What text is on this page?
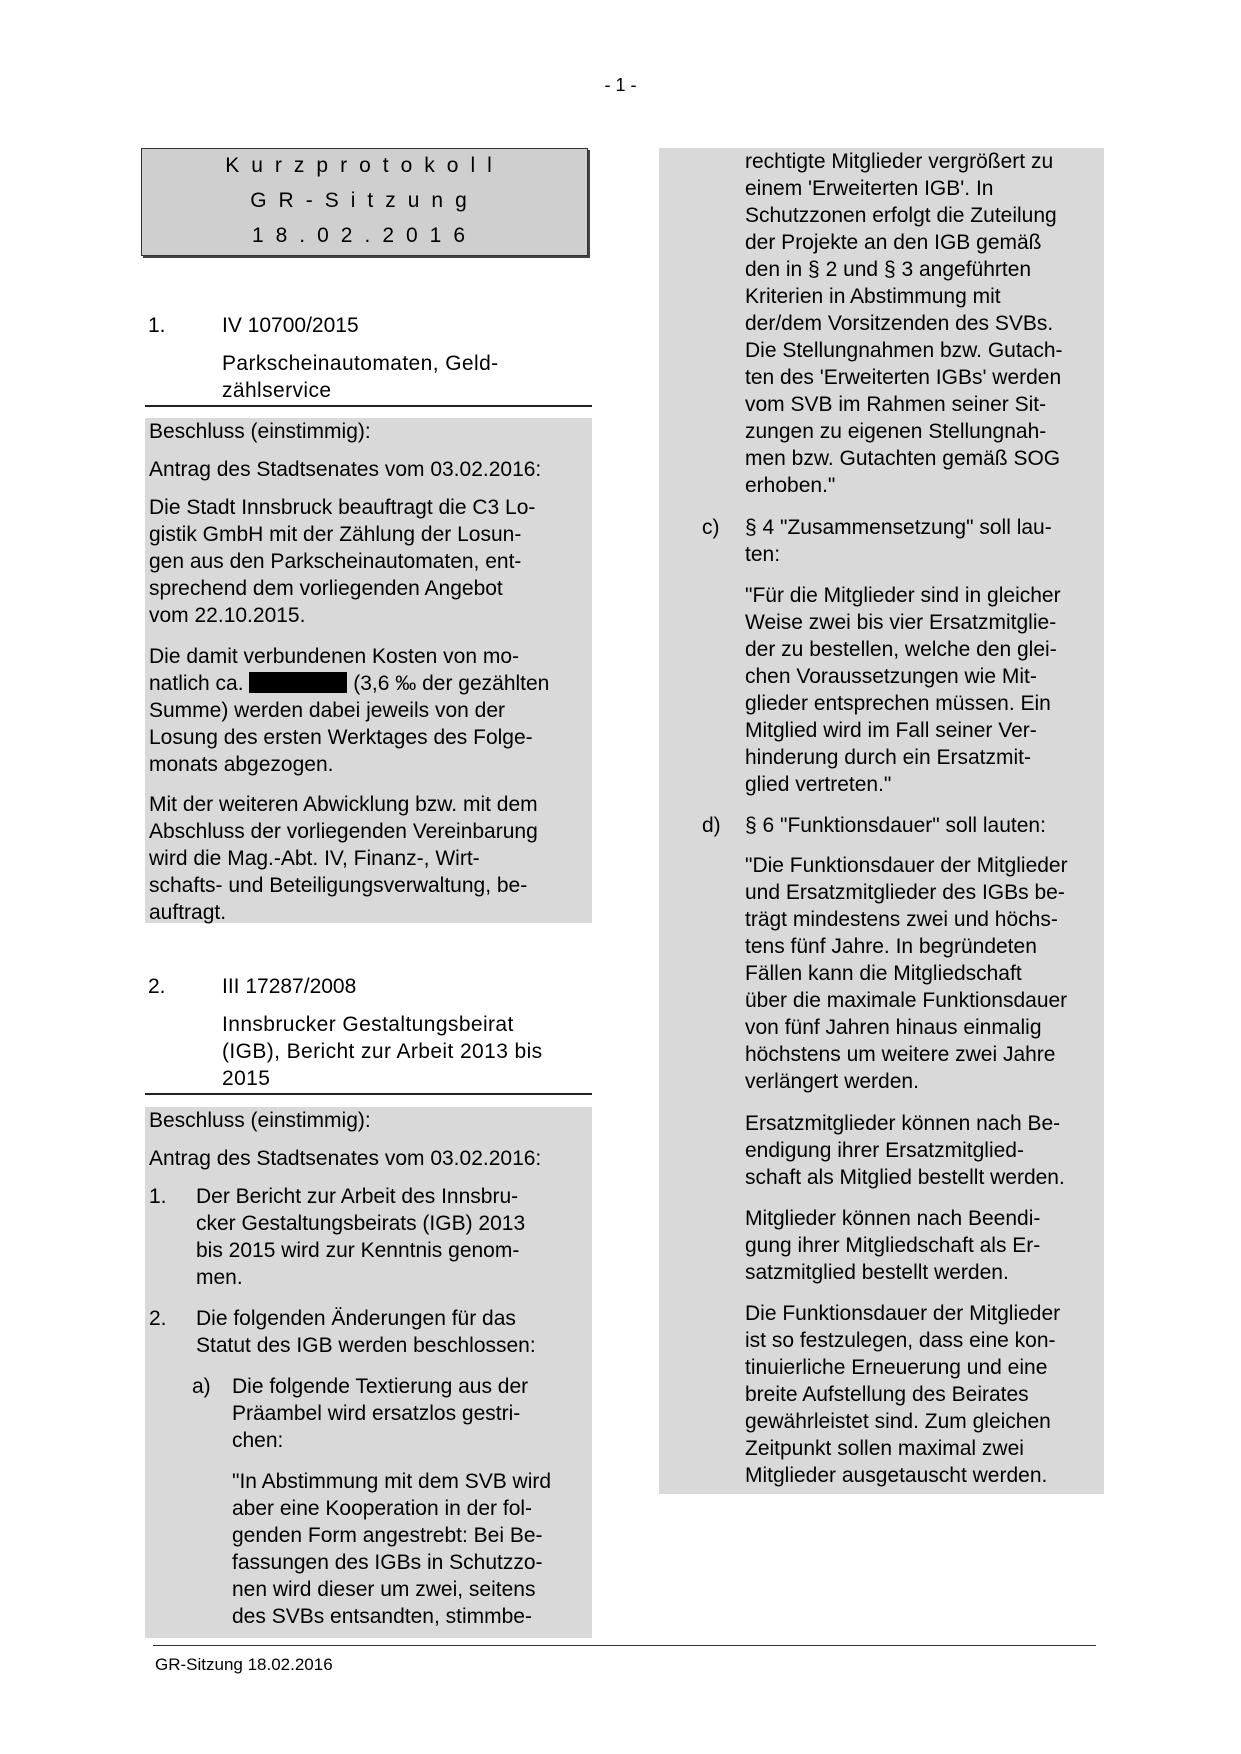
- 1 -
Kurzprotokoll
GR-Sitzung
18.02.2016
1.	IV 10700/2015
Parkscheinautomaten, Geld-
zählservice

Beschluss (einstimmig):

Antrag des Stadtsenates vom 03.02.2016:

Die Stadt Innsbruck beauftragt die C3 Lo-
gistik GmbH mit der Zählung der Losun-
gen aus den Parkscheinautomaten, ent-
sprechend dem vorliegenden Angebot
vom 22.10.2015.
Die damit verbundenen Kosten von mo-
natlich ca.	(3,6 ‰ der gezählten
Summe) werden dabei jeweils von der
Losung des ersten Werktages des Folge-
monats abgezogen.
Mit der weiteren Abwicklung bzw. mit dem
Abschluss der vorliegenden Vereinbarung
wird die Mag.-Abt. IV, Finanz-, Wirt-
schafts- und Beteiligungsverwaltung, be-
auftragt.
2.	III 17287/2008
Innsbrucker Gestaltungsbeirat
(IGB), Bericht zur Arbeit 2013 bis
2015

Beschluss (einstimmig):

Antrag des Stadtsenates vom 03.02.2016:

1. Der Bericht zur Arbeit des Innsbru-
cker Gestaltungsbeirats (IGB) 2013
bis 2015 wird zur Kenntnis genom-
men.
2. Die folgenden Änderungen für das
Statut des IGB werden beschlossen:
a) Die folgende Textierung aus der
Präambel wird ersatzlos gestri-
chen:
"In Abstimmung mit dem SVB wird
aber eine Kooperation in der fol-
genden Form angestrebt: Bei Be-
fassungen des IGBs in Schutzzo-
nen wird dieser um zwei, seitens
des SVBs entsandten, stimmbe-
rechtigte Mitglieder vergrößert zu
einem 'Erweiterten IGB'. In
Schutzzonen erfolgt die Zuteilung
der Projekte an den IGB gemäß
den in § 2 und § 3 angeführten
Kriterien in Abstimmung mit
der/dem Vorsitzenden des SVBs.
Die Stellungnahmen bzw. Gutach-
ten des 'Erweiterten IGBs' werden
vom SVB im Rahmen seiner Sit-
zungen zu eigenen Stellungnah-
men bzw. Gutachten gemäß SOG
erhoben."
c) § 4 "Zusammensetzung" soll lau-
ten:
"Für die Mitglieder sind in gleicher
Weise zwei bis vier Ersatzmitglie-
der zu bestellen, welche den glei-
chen Voraussetzungen wie Mit-
glieder entsprechen müssen. Ein
Mitglied wird im Fall seiner Ver-
hinderung durch ein Ersatzmit-
glied vertreten."
d) § 6 "Funktionsdauer" soll lauten:
"Die Funktionsdauer der Mitglieder
und Ersatzmitglieder des IGBs be-
trägt mindestens zwei und höchs-
tens fünf Jahre. In begründeten
Fällen kann die Mitgliedschaft
über die maximale Funktionsdauer
von fünf Jahren hinaus einmalig
höchstens um weitere zwei Jahre
verlängert werden.
Ersatzmitglieder können nach Be-
endigung ihrer Ersatzmitglied-
schaft als Mitglied bestellt werden.
Mitglieder können nach Beendi-
gung ihrer Mitgliedschaft als Er-
satzmitglied bestellt werden.
Die Funktionsdauer der Mitglieder
ist so festzulegen, dass eine kon-
tinuierliche Erneuerung und eine
breite Aufstellung des Beirates
gewährleistet sind. Zum gleichen
Zeitpunkt sollen maximal zwei
Mitglieder ausgetauscht werden.
GR-Sitzung 18.02.2016
